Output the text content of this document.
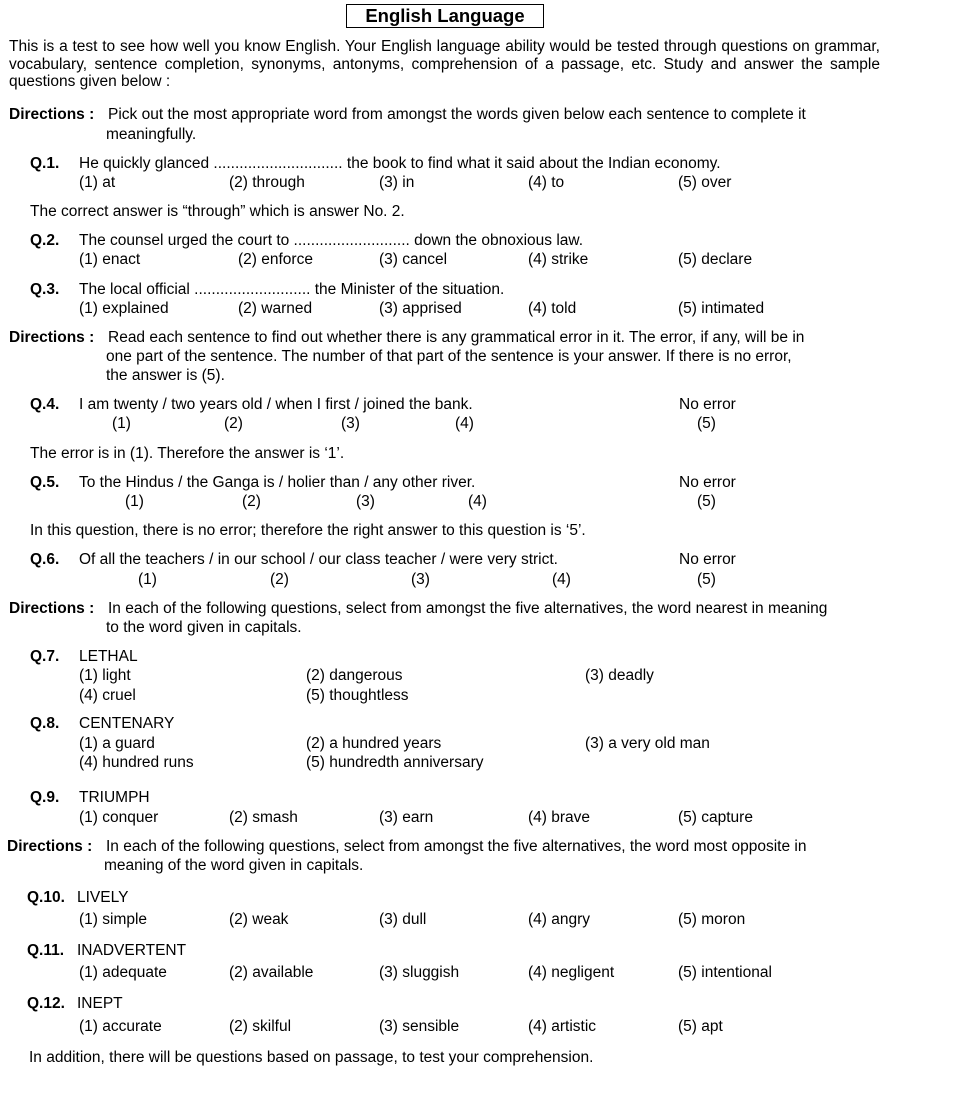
English Language
This is a test to see how well you know English. Your English language ability would be tested through questions on grammar, vocabulary, sentence completion, synonyms, antonyms, comprehension of a passage, etc. Study and answer the sample questions given below :
Directions : Pick out the most appropriate word from amongst the words given below each sentence to complete it
meaningfully.
Q.1. He quickly glanced .............................. the book to find what it said about the Indian economy.
(1) at	(2) through	(3) in	(4) to	(5) over
The correct answer is “through” which is answer No. 2.
Q.2. The counsel urged the court to ........................... down the obnoxious law.
(1) enact	(2) enforce	(3) cancel	(4) strike	(5) declare
Q.3. The local official ........................... the Minister of the situation.
(1) explained	(2) warned	(3) apprised	(4) told	(5) intimated
Directions : Read each sentence to find out whether there is any grammatical error in it. The error, if any, will be in
one part of the sentence. The number of that part of the sentence is your answer. If there is no error,
the answer is (5).
Q.4. I am twenty / two years old / when I first / joined the bank.	No error
(1)	(2)	(3)	(4)	(5)
The error is in (1). Therefore the answer is ‘1’.
Q.5. To the Hindus / the Ganga is / holier than / any other river.	No error
(1)	(2)	(3)	(4)	(5)
In this question, there is no error; therefore the right answer to this question is ‘5’.
Q.6. Of all the teachers / in our school / our class teacher / were very strict.	No error
(1)	(2)	(3)	(4)	(5)
Directions : In each of the following questions, select from amongst the five alternatives, the word nearest in meaning
to the word given in capitals.
Q.7. LETHAL
(1) light	(2) dangerous	(3) deadly
(4) cruel	(5) thoughtless
Q.8. CENTENARY
(1) a guard	(2) a hundred years	(3) a very old man
(4) hundred runs	(5) hundredth anniversary
Q.9. TRIUMPH
(1) conquer	(2) smash	(3) earn	(4) brave	(5) capture
Directions : In each of the following questions, select from amongst the five alternatives, the word most opposite in
meaning of the word given in capitals.
Q.10. LIVELY
(1) simple	(2) weak	(3) dull	(4) angry	(5) moron
Q.11. INADVERTENT
(1) adequate	(2) available	(3) sluggish	(4) negligent	(5) intentional
Q.12. INEPT
(1) accurate	(2) skilful	(3) sensible	(4) artistic	(5) apt
In addition, there will be questions based on passage, to test your comprehension.
